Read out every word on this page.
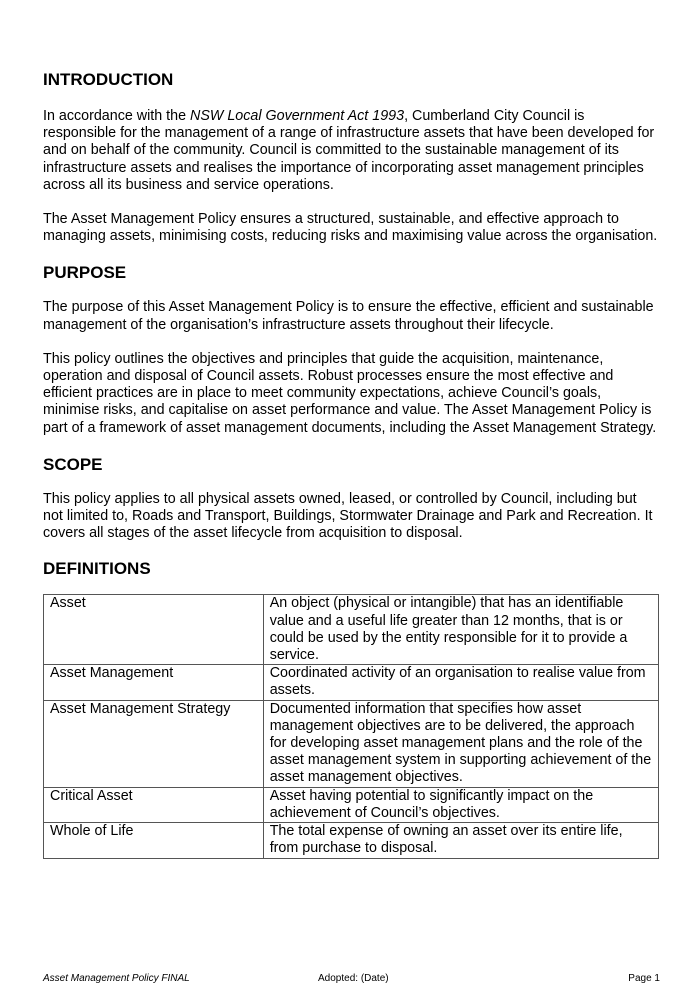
INTRODUCTION

In accordance with the NSW Local Government Act 1993, Cumberland City Council is responsible for the management of a range of infrastructure assets that have been developed for and on behalf of the community. Council is committed to the sustainable management of its infrastructure assets and realises the importance of incorporating asset management principles across all its business and service operations.

The Asset Management Policy ensures a structured, sustainable, and effective approach to managing assets, minimising costs, reducing risks and maximising value across the organisation.

PURPOSE

The purpose of this Asset Management Policy is to ensure the effective, efficient and sustainable management of the organisation’s infrastructure assets throughout their lifecycle.

This policy outlines the objectives and principles that guide the acquisition, maintenance, operation and disposal of Council assets. Robust processes ensure the most effective and efficient practices are in place to meet community expectations, achieve Council’s goals, minimise risks, and capitalise on asset performance and value. The Asset Management Policy is part of a framework of asset management documents, including the Asset Management Strategy.

SCOPE

This policy applies to all physical assets owned, leased, or controlled by Council, including but not limited to, Roads and Transport, Buildings, Stormwater Drainage and Park and Recreation. It covers all stages of the asset lifecycle from acquisition to disposal.

DEFINITIONS
Asset	An object (physical or intangible) that has an identifiable value and a useful life greater than 12 months, that is or could be used by the entity responsible for it to provide a service.
Asset Management	Coordinated activity of an organisation to realise value from assets.
Asset Management Strategy	Documented information that specifies how asset management objectives are to be delivered, the approach for developing asset management plans and the role of the asset management system in supporting achievement of the asset management objectives.
Critical Asset	Asset having potential to significantly impact on the achievement of Council’s objectives.
Whole of Life	The total expense of owning an asset over its entire life, from purchase to disposal.
Asset Management Policy FINAL	Adopted: (Date)	Page 1
